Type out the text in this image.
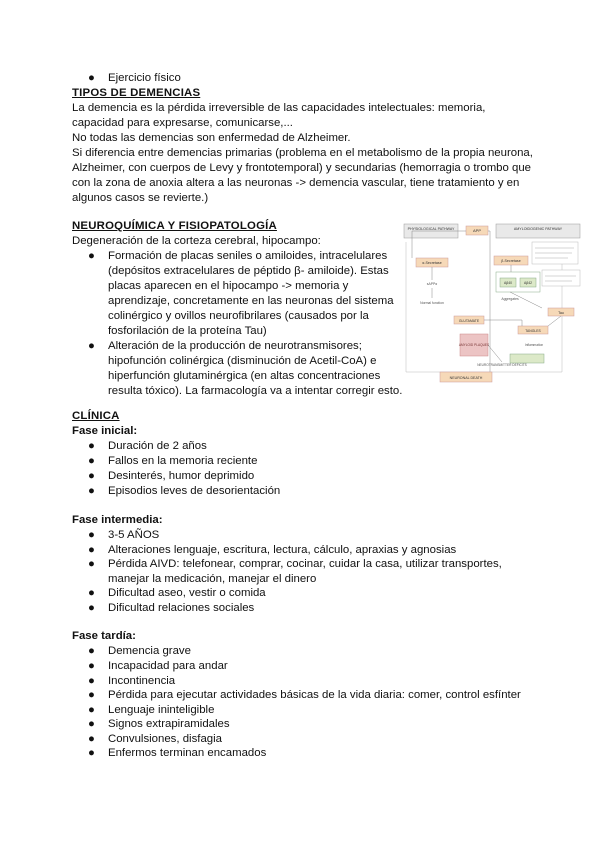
● Ejercicio físico
TIPOS DE DEMENCIAS
La demencia es la pérdida irreversible de las capacidades intelectuales: memoria,
capacidad para expresarse, comunicarse,...
No todas las demencias son enfermedad de Alzheimer.
Si diferencia entre demencias primarias (problema en el metabolismo de la propia neurona,
Alzheimer, con cuerpos de Levy y frontotemporal) y secundarias (hemorragia o trombo que
con la zona de anoxia altera a las neuronas -> demencia vascular, tiene tratamiento y en
algunos casos se revierte.)
NEUROQUÍMICA Y FISIOPATOLOGÍA
Degeneración de la corteza cerebral, hipocampo:
● Formación de placas seniles o amiloides, intracelulares
(depósitos extracelulares de péptido β- amiloide). Estas
placas aparecen en el hipocampo -> memoria y
aprendizaje, concretamente en las neuronas del sistema
colinérgico y ovillos neurofibrilares (causados por la
fosforilación de la proteína Tau)
● Alteración de la producción de neurotransmisores;
hipofunción colinérgica (disminución de Acetil-CoA) e
hiperfunción glutaminérgica (en altas concentraciones
resulta tóxico). La farmacología va a intentar corregir esto.
PHYSIOLOGICAL PATHWAY	APP	AMYLOIDOGENIC PATHWAY
α-Secretase
sAPPα
Normal function
β-Secretase
Aβ40	Aβ42
Aggregates
GLUTAMATE
AMYLOID PLAQUES
Tau
TANGLES
Inflammation
NEUROTRANSMITTER DEFICITS
NEURONAL DEATH
CLÍNICA
Fase inicial:
● Duración de 2 años
● Fallos en la memoria reciente
● Desinterés, humor deprimido
● Episodios leves de desorientación
Fase intermedia:
● 3-5 AÑOS
● Alteraciones lenguaje, escritura, lectura, cálculo, apraxias y agnosias
● Pérdida AIVD: telefonear, comprar, cocinar, cuidar la casa, utilizar transportes,
manejar la medicación, manejar el dinero
● Dificultad aseo, vestir o comida
● Dificultad relaciones sociales
Fase tardía:
● Demencia grave
● Incapacidad para andar
● Incontinencia
● Pérdida para ejecutar actividades básicas de la vida diaria: comer, control esfínter
● Lenguaje ininteligible
● Signos extrapiramidales
● Convulsiones, disfagia
● Enfermos terminan encamados
